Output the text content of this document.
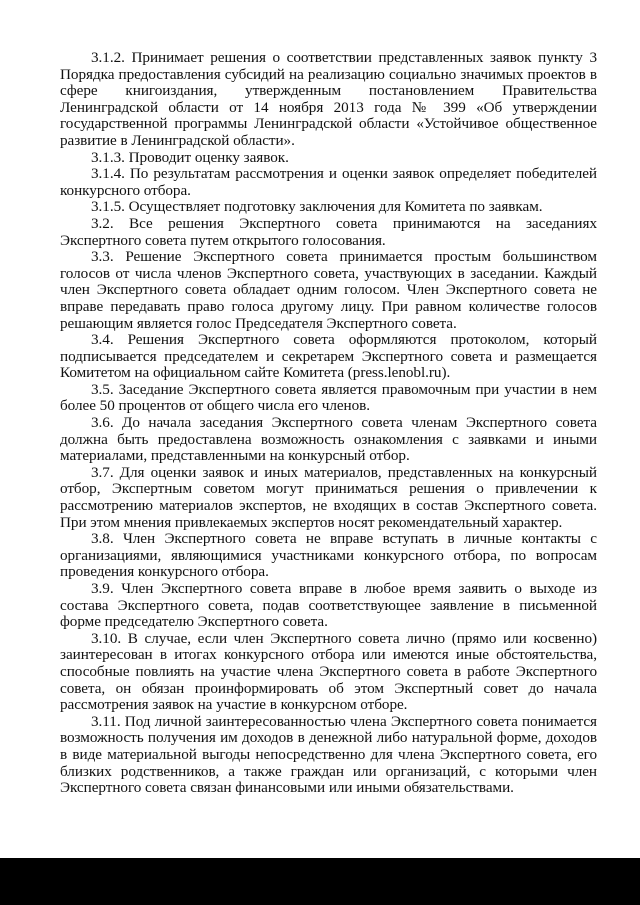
3.1.2. Принимает решения о соответствии представленных заявок пункту 3 Порядка предоставления субсидий на реализацию социально значимых проектов в сфере книгоиздания, утвержденным постановлением Правительства Ленинградской области от 14 ноября 2013 года № 399 «Об утверждении государственной программы Ленинградской области «Устойчивое общественное развитие в Ленинградской области».

3.1.3. Проводит оценку заявок.

3.1.4. По результатам рассмотрения и оценки заявок определяет победителей конкурсного отбора.

3.1.5. Осуществляет подготовку заключения для Комитета по заявкам.

3.2. Все решения Экспертного совета принимаются на заседаниях Экспертного совета путем открытого голосования.

3.3. Решение Экспертного совета принимается простым большинством голосов от числа членов Экспертного совета, участвующих в заседании. Каждый член Экспертного совета обладает одним голосом. Член Экспертного совета не вправе передавать право голоса другому лицу. При равном количестве голосов решающим является голос Председателя Экспертного совета.

3.4. Решения Экспертного совета оформляются протоколом, который подписывается председателем и секретарем Экспертного совета и размещается Комитетом на официальном сайте Комитета (press.lenobl.ru).

3.5. Заседание Экспертного совета является правомочным при участии в нем более 50 процентов от общего числа его членов.

3.6. До начала заседания Экспертного совета членам Экспертного совета должна быть предоставлена возможность ознакомления с заявками и иными материалами, представленными на конкурсный отбор.

3.7. Для оценки заявок и иных материалов, представленных на конкурсный отбор, Экспертным советом могут приниматься решения о привлечении к рассмотрению материалов экспертов, не входящих в состав Экспертного совета. При этом мнения привлекаемых экспертов носят рекомендательный характер.

3.8. Член Экспертного совета не вправе вступать в личные контакты с организациями, являющимися участниками конкурсного отбора, по вопросам проведения конкурсного отбора.

3.9. Член Экспертного совета вправе в любое время заявить о выходе из состава Экспертного совета, подав соответствующее заявление в письменной форме председателю Экспертного совета.

3.10. В случае, если член Экспертного совета лично (прямо или косвенно) заинтересован в итогах конкурсного отбора или имеются иные обстоятельства, способные повлиять на участие члена Экспертного совета в работе Экспертного совета, он обязан проинформировать об этом Экспертный совет до начала рассмотрения заявок на участие в конкурсном отборе.

3.11. Под личной заинтересованностью члена Экспертного совета понимается возможность получения им доходов в денежной либо натуральной форме, доходов в виде материальной выгоды непосредственно для члена Экспертного совета, его близких родственников, а также граждан или организаций, с которыми член Экспертного совета связан финансовыми или иными обязательствами.
